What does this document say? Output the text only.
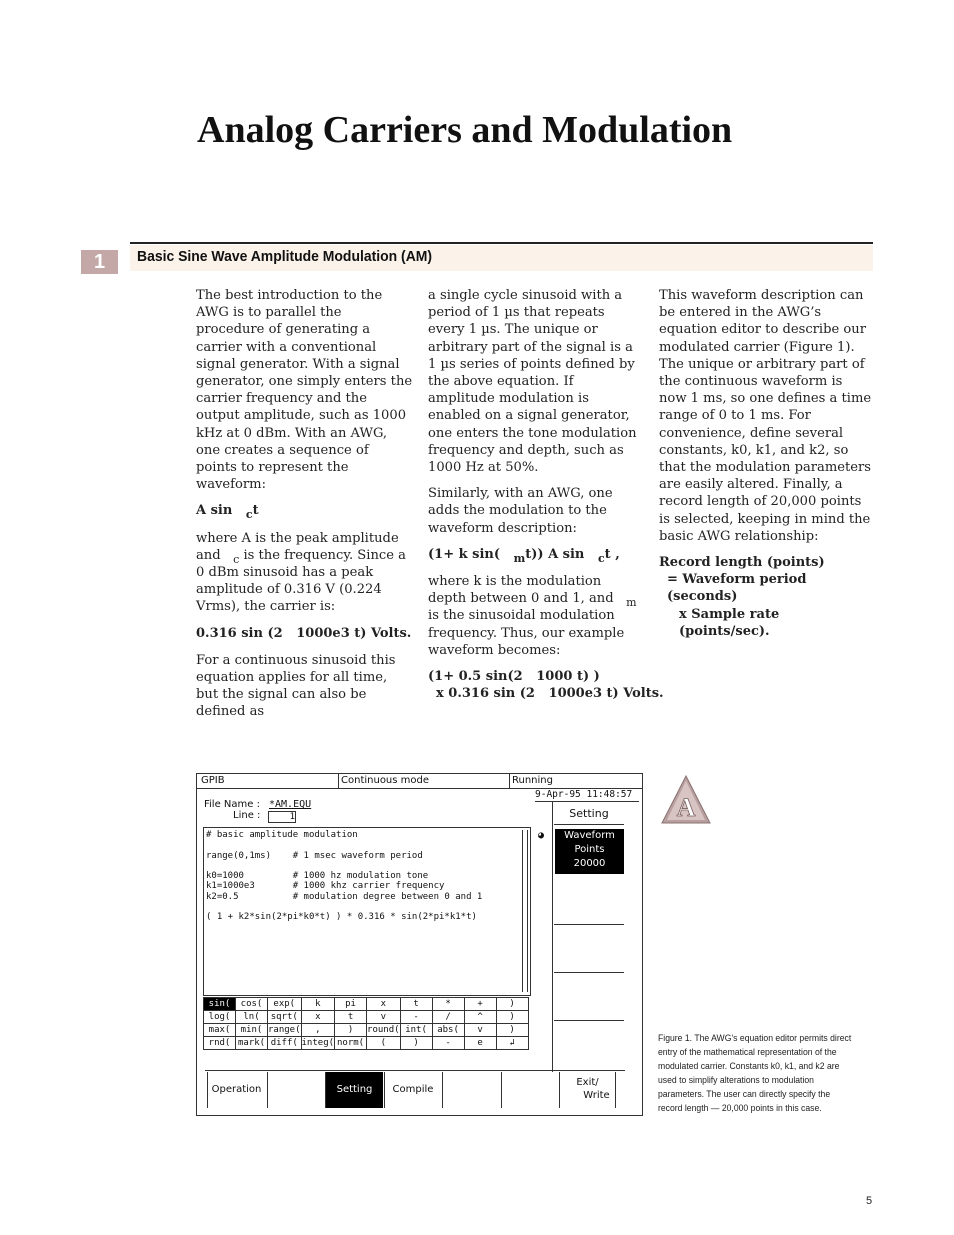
Analog Carriers and Modulation
1	Basic Sine Wave Amplitude Modulation (AM)

The best introduction to the AWG is to parallel the procedure of generating a carrier with a conventional signal generator. With a signal generator, one simply enters the carrier frequency and the output amplitude, such as 1000 kHz at 0 dBm. With an AWG, one creates a sequence of points to represent the waveform:

A sin $_c$t

where A is the peak amplitude and $_c$ is the frequency. Since a 0 dBm sinusoid has a peak amplitude of 0.316 V (0.224 Vrms), the carrier is:

0.316 sin (2   1000e3 t) Volts.

For a continuous sinusoid this equation applies for all time, but the signal can also be defined as

a single cycle sinusoid with a period of 1 µs that repeats every 1 µs. The unique or arbitrary part of the signal is a 1 µs series of points defined by the above equation. If amplitude modulation is enabled on a signal generator, one enters the tone modulation frequency and depth, such as 1000 Hz at 50%.

Similarly, with an AWG, one adds the modulation to the waveform description:

(1+ k sin( $_m$t)) A sin $_c$t ,

where k is the modulation depth between 0 and 1, and $_m$ is the sinusoidal modulation frequency. Thus, our example waveform becomes:

(1+ 0.5 sin(2   1000 t) )

x 0.316 sin (2   1000e3 t) Volts.

This waveform description can be entered in the AWG’s equation editor to describe our modulated carrier (Figure 1). The unique or arbitrary part of the continuous waveform is now 1 ms, so one defines a time range of 0 to 1 ms. For convenience, define several constants, k0, k1, and k2, so that the modulation parameters are easily altered. Finally, a record length of 20,000 points is selected, keeping in mind the basic AWG relationship:

Record length (points)

= Waveform period (seconds)

x Sample rate (points/sec).

GPIB	Continuous mode	Running
9-Apr-95 11:48:57
File Name : *AM.EQU
Line :	1
# basic amplitude modulation

range(0,1ms)    # 1 msec waveform period

k0=1000         # 1000 hz modulation tone
k1=1000e3       # 1000 khz carrier frequency
k2=0.5          # modulation degree between 0 and 1

( 1 + k2*sin(2*pi*k0*t) ) * 0.316 * sin(2*pi*k1*t)
sin(	cos(	exp(	k	pi	x	t	*	+	)
log(	ln(	sqrt(	x	t	v	-	/	^	)
max(	min(	range(	,	)	round(	int(	abs(	v	)
rnd(	mark(	diff(	integ(	norm(	(	)	-	e	↲
Setting
◕	Waveform
Points
20000
Operation	Setting	Compile
Exit/
Write
A
Figure 1. The AWG’s equation editor permits direct entry of the mathematical representation of the modulated carrier. Constants k0, k1, and k2 are used to simplify alterations to modulation parameters. The user can directly specify the record length — 20,000 points in this case.
5
